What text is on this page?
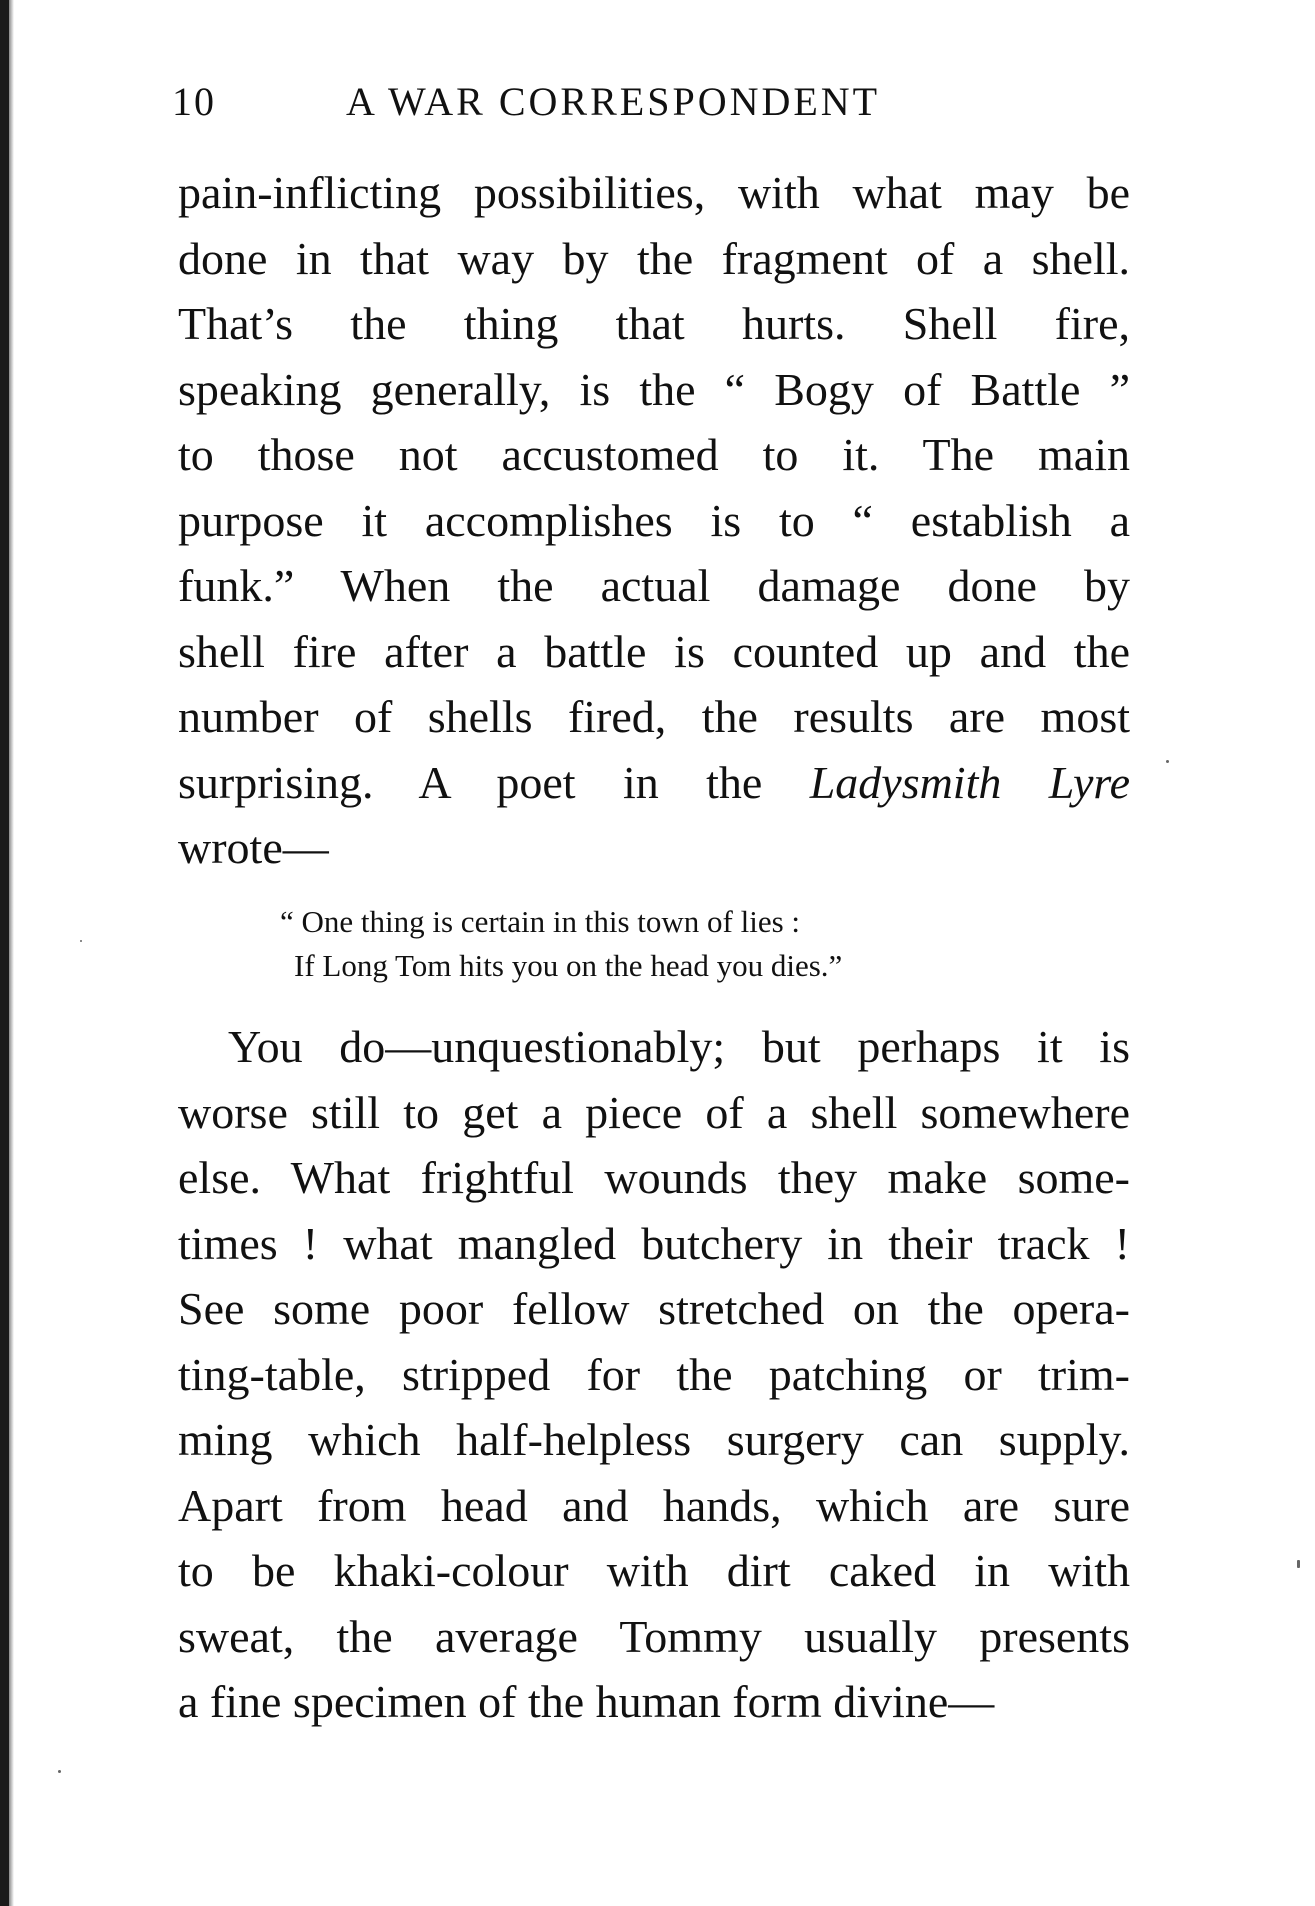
10	A WAR CORRESPONDENT
pain-inflicting possibilities, with what may be
done in that way by the fragment of a shell.
That’s the thing that hurts. Shell fire,
speaking generally, is the “ Bogy of Battle ”
to those not accustomed to it. The main
purpose it accomplishes is to “ establish a
funk.” When the actual damage done by
shell fire after a battle is counted up and the
number of shells fired, the results are most
surprising. A poet in the Ladysmith Lyre
wrote—
“ One thing is certain in this town of lies :
If Long Tom hits you on the head you dies.”
You do—unquestionably; but perhaps it is
worse still to get a piece of a shell somewhere
else. What frightful wounds they make some-
times ! what mangled butchery in their track !
See some poor fellow stretched on the opera-
ting-table, stripped for the patching or trim-
ming which half-helpless surgery can supply.
Apart from head and hands, which are sure
to be khaki-colour with dirt caked in with
sweat, the average Tommy usually presents
a fine specimen of the human form divine—
